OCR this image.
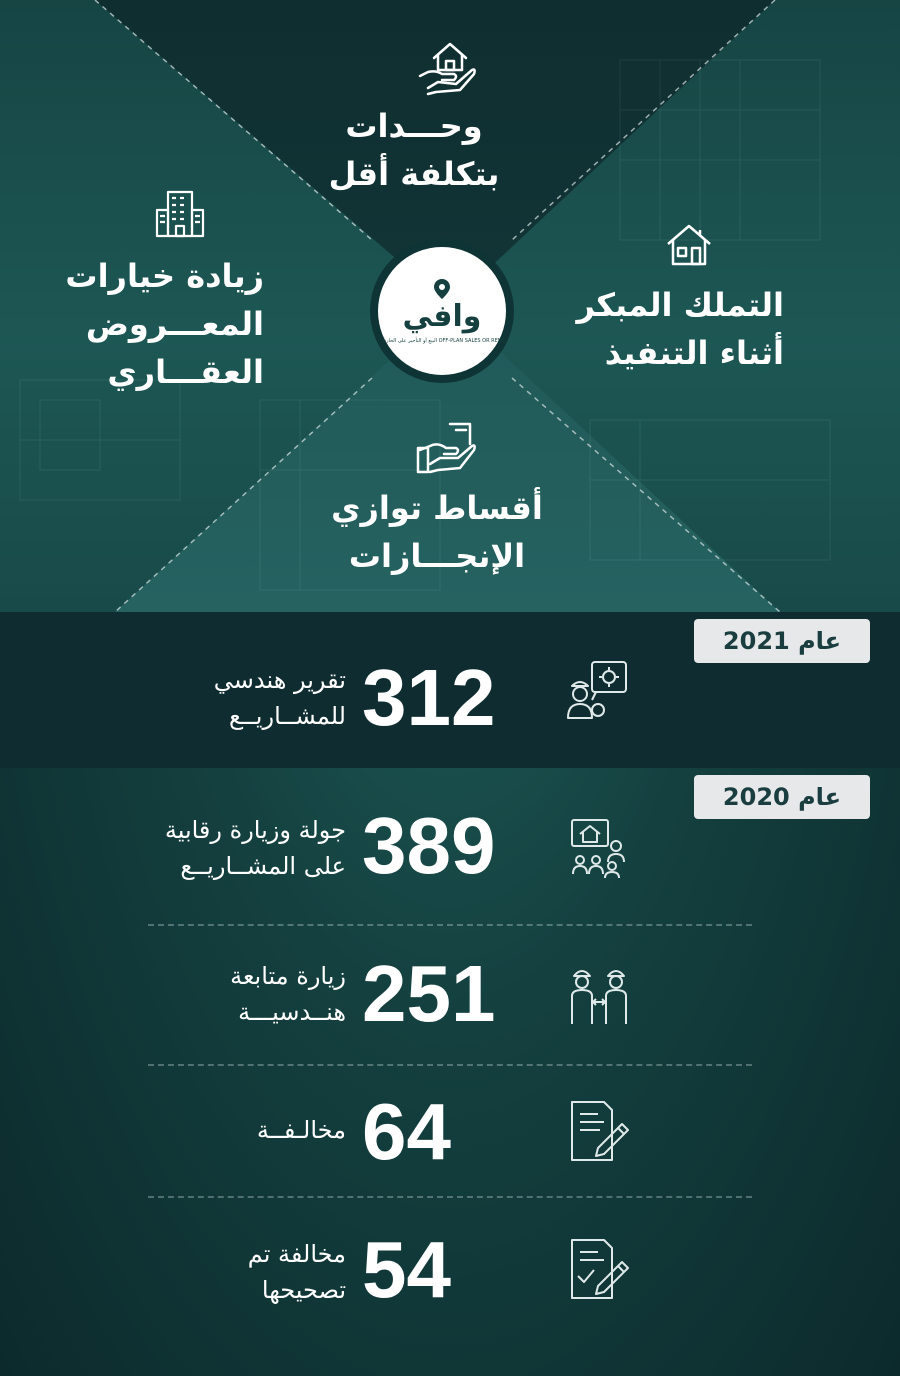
وحـــدات
بتكلفة أقل
زيادة خيارات
المعـــروض
العقـــاري
التملك المبكر
أثناء التنفيذ
أقساط توازي
الإنجـــازات
وافي
البيع أو التأجير على الخارطة OFF-PLAN SALES OR RENT
عام 2021
312
تقرير هندسي
للمشــاريــع
عام 2020
389
جولة وزيارة رقابية
على المشــاريــع
251
زيارة متابعة
هنــدسيـــة
64
مخالـفــة
54
مخالفة تم
تصحيحها
